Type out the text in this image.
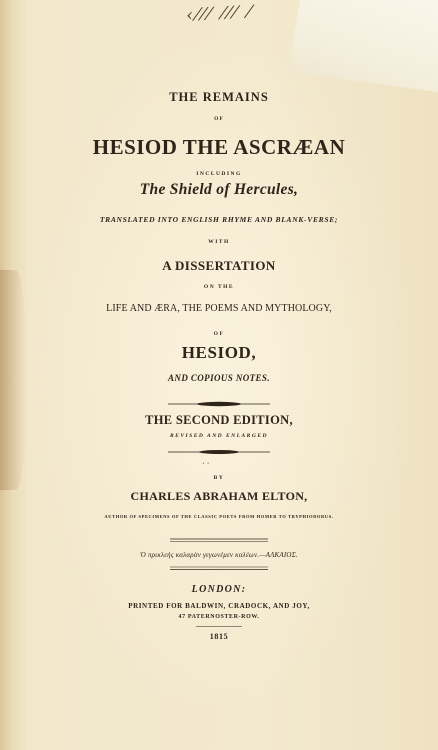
‹⁄⁄⁄ ⁄⁄⁄ ⁄
THE REMAINS
OF
HESIOD THE ASCRÆAN
INCLUDING
The Shield of Hercules,
TRANSLATED INTO ENGLISH RHYME AND BLANK-VERSE;
WITH
A DISSERTATION
ON THE
LIFE AND ÆRA, THE POEMS AND MYTHOLOGY,
OF
HESIOD,
AND COPIOUS NOTES.
THE SECOND EDITION,
REVISED AND ENLARGED
⋅ ⋅
BY
CHARLES ABRAHAM ELTON,
AUTHOR OF SPECIMENS OF THE CLASSIC POETS FROM HOMER TO TRYPHIODORUS.
Ὁ πρικλεὴς καλαρὰν γεγωνέμεν καλέων.—ΑΛΚΑΙΟΣ.
LONDON:
PRINTED FOR BALDWIN, CRADOCK, AND JOY,
47 PATERNOSTER-ROW.
1815
